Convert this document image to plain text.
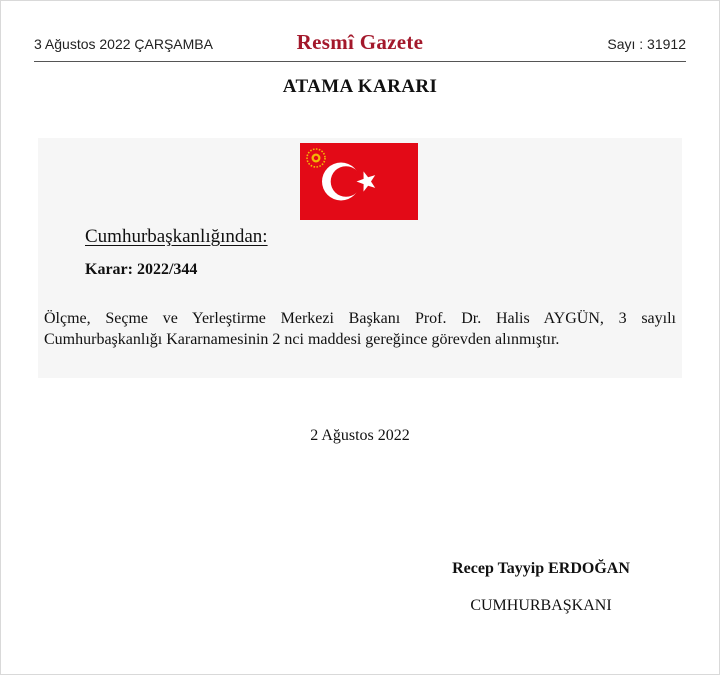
3 Ağustos 2022 ÇARŞAMBA	Resmî Gazete	Sayı : 31912
ATAMA KARARI
Cumhurbaşkanlığından:
Karar: 2022/344
Ölçme, Seçme ve Yerleştirme Merkezi Başkanı Prof. Dr. Halis AYGÜN, 3 sayılı Cumhurbaşkanlığı Kararnamesinin 2 nci maddesi gereğince görevden alınmıştır.
2 Ağustos 2022
Recep Tayyip ERDOĞAN
CUMHURBAŞKANI
